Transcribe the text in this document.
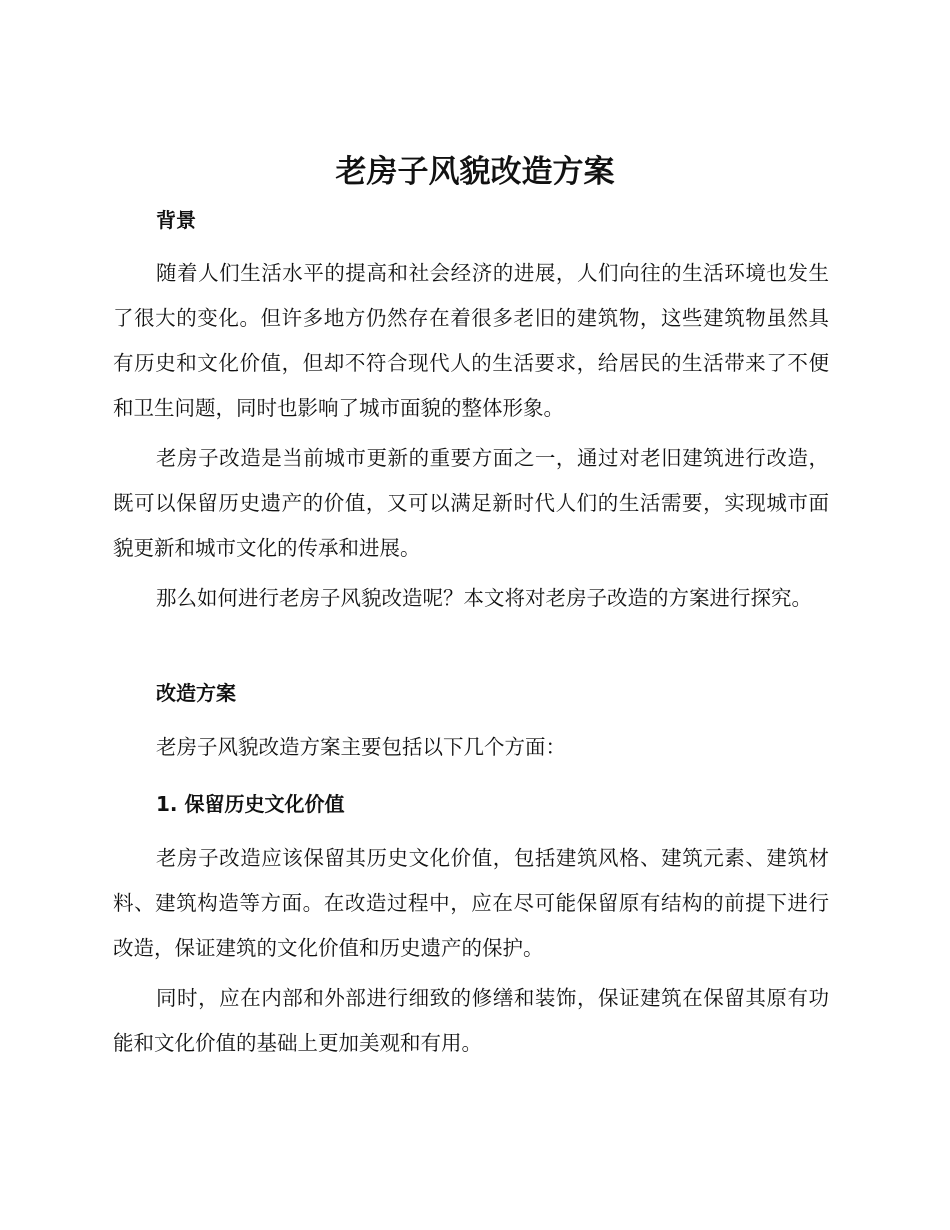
老房子风貌改造方案
背景

随着人们生活水平的提高和社会经济的进展，人们向往的生活环境也发生了很大的变化。但许多地方仍然存在着很多老旧的建筑物，这些建筑物虽然具有历史和文化价值，但却不符合现代人的生活要求，给居民的生活带来了不便和卫生问题，同时也影响了城市面貌的整体形象。

老房子改造是当前城市更新的重要方面之一，通过对老旧建筑进行改造，既可以保留历史遗产的价值，又可以满足新时代人们的生活需要，实现城市面貌更新和城市文化的传承和进展。

那么如何进行老房子风貌改造呢？本文将对老房子改造的方案进行探究。

改造方案

老房子风貌改造方案主要包括以下几个方面：

1. 保留历史文化价值

老房子改造应该保留其历史文化价值，包括建筑风格、建筑元素、建筑材料、建筑构造等方面。在改造过程中，应在尽可能保留原有结构的前提下进行改造，保证建筑的文化价值和历史遗产的保护。

同时，应在内部和外部进行细致的修缮和装饰，保证建筑在保留其原有功能和文化价值的基础上更加美观和有用。
